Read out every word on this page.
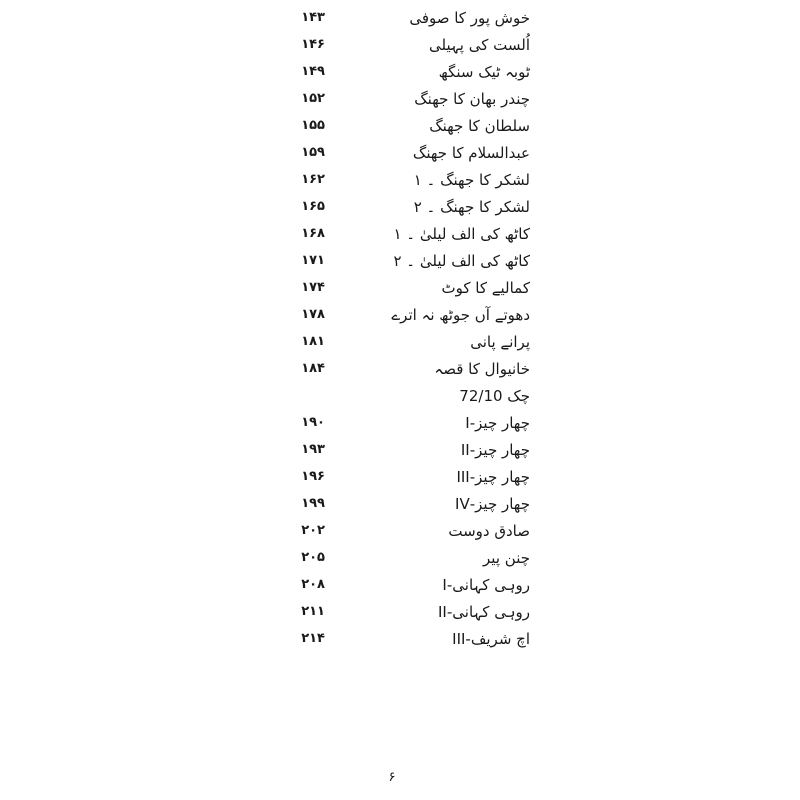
خوش پور کا صوفی
۱۴۳
اُلست کی پہیلی
۱۴۶
ٹوبہ ٹیک سنگھ
۱۴۹
چندر بھان کا جھنگ
۱۵۲
سلطان کا جھنگ
۱۵۵
عبدالسلام کا جھنگ
۱۵۹
لشکر کا جھنگ ۔ ۱
۱۶۲
لشکر کا جھنگ ۔ ۲
۱۶۵
کاٹھ کی الف لیلیٰ ۔ ۱
۱۶۸
کاٹھ کی الف لیلیٰ ۔ ۲
۱۷۱
کمالیے کا کوٹ
۱۷۴
دھوتے آں جوٹھ نہ اترے
۱۷۸
پرانے پانی
۱۸۱
خانیوال کا قصہ
۱۸۴
چک 72/10
چھار چیز-I
۱۹۰
چھار چیز-II
۱۹۳
چھار چیز-III
۱۹۶
چھار چیز-IV
۱۹۹
صادق دوست
۲۰۲
چنن پیر
۲۰۵
روہی کہانی-I
۲۰۸
روہی کہانی-II
۲۱۱
اچ شریف-III
۲۱۴
۶
